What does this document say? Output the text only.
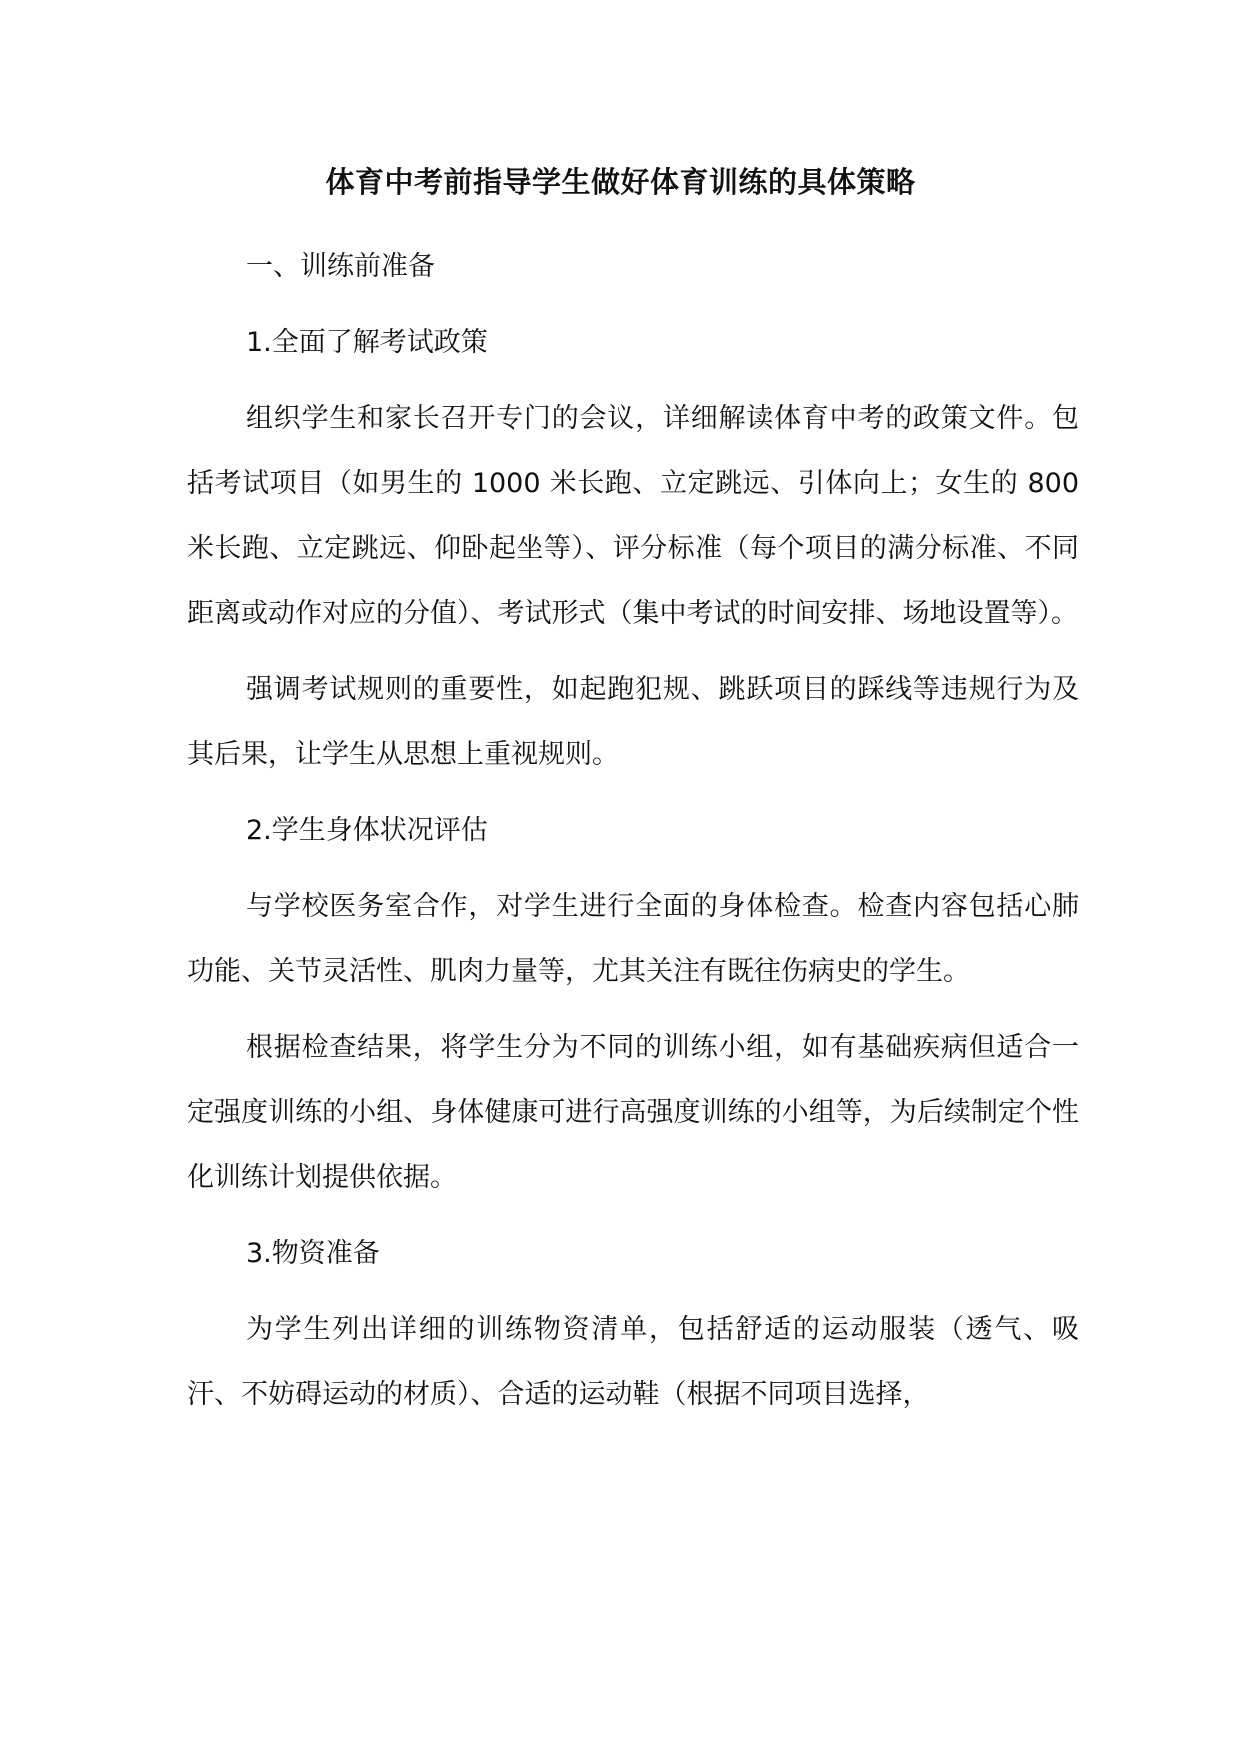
体育中考前指导学生做好体育训练的具体策略

一、训练前准备

1.全面了解考试政策

组织学生和家长召开专门的会议，详细解读体育中考的政策文件。包括考试项目（如男生的 1000 米长跑、立定跳远、引体向上；女生的 800 米长跑、立定跳远、仰卧起坐等）、评分标准（每个项目的满分标准、不同距离或动作对应的分值）、考试形式（集中考试的时间安排、场地设置等）。

强调考试规则的重要性，如起跑犯规、跳跃项目的踩线等违规行为及其后果，让学生从思想上重视规则。

2.学生身体状况评估

与学校医务室合作，对学生进行全面的身体检查。检查内容包括心肺功能、关节灵活性、肌肉力量等，尤其关注有既往伤病史的学生。

根据检查结果，将学生分为不同的训练小组，如有基础疾病但适合一定强度训练的小组、身体健康可进行高强度训练的小组等，为后续制定个性化训练计划提供依据。

3.物资准备

为学生列出详细的训练物资清单，包括舒适的运动服装（透气、吸汗、不妨碍运动的材质）、合适的运动鞋（根据不同项目选择，
